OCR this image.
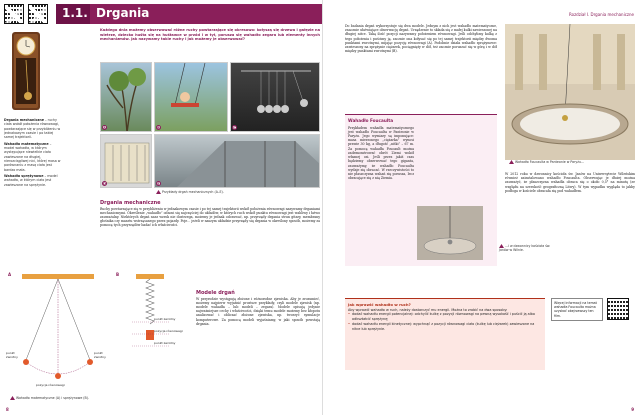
1.1. Drgania
Każdego dnia możemy obserwować różne ruchy powtarzające się okresowo: kołyszą się drzewa i gałęzie na wietrze, dziecko huśta się na huśtawce w przód i w tył, porusza się wahadło zegara lub elementy innych mechanizmów. Jak nazywamy takie ruchy i jak możemy je obserwować?
A	B	C
D	E
Przykłady drgań mechanicznych (A–E).

Drgania mechaniczne – ruchy ciała wokół położenia równowagi, powtarzające się w przybliżeniu w jednakowym czasie i po takiej samej trajektorii.

Wahadło matematyczne – model wahadła, w którym występujące niewielkie ciało zawieszone na długiej, nierozciągliwej nici, której masa w porównaniu z masą ciała jest bardzo mała.

Wahadło sprężynowe – model wahadła, w którym ciało jest zawieszone na sprężynie.

Drgania mechaniczne

Ruchy powtarzające się w przybliżeniu w jednakowym czasie i po tej samej trajektorii wokół położenia równowagi nazywamy drganiami mechanicznymi. Określenie „wahadło” odnosi się najczęściej do układów, w których ruch wokół punktu równowagi jest wahliwy i łatwo zauważalny. Niektórych drgań nasz wzrok nie dostrzega, możemy je jednak odczuwać, np. przyrządy drgania strun gitary, membrany głośnika czy masztu wstrząsanego przez pojazdy. Poje... jeżeli w naszym układzie przyrządy się drgania w określony sposób, możemy za pomocą tych przyrządów badać ich właściwości.

Modele drgań

W przyrodzie występują złożone i różnorodne zjawiska. Aby je zrozumieć, możemy najpierw wyjaśnić prostsze przykłady, czyli modele zjawisk (np. modele wahadła – lub modeli – zegara). Modele opisują jedynie najważniejsze cechy i właściwości, dzięki temu modele możemy bez kłopotu analizować i obliczać złożone zjawiska, np. tworzyć symulacje komputerowe. Za pomocą modeli wyjaśniamy, w jaki sposób powstają drgania.

A	B
punkt zwrotny
punkt zwrotny
pozycja równowagi
punkt zwrotny
pozycja równowagi
punkt zwrotny
Wahadło matematyczne (A) i sprężynowe (B).
8
Rozdział I. Drgania mechaniczne

Do badania drgań wykorzystuje się dwa modele. Jednym z nich jest wahadło matematyczne, znacznie ułatwiające obserwację drgań. Urządzenie to składa się z małej kulki zawieszonej na długiej nitce. Taką ilość pozycji nazywamy położeniem równowagi. Jeśli odchylimy kulkę z tego położenia i puścimy ją, zacznie ona kołysać się po tej samej trajektorii między dwoma punktami zwrotnymi, mijając pozycję równowagi (A). Podobnie działa wahadło sprężynowe: zawieszony na sprężynie ciężarek, pociągnięty w dół, też zacznie poruszać się w górę i w dół między punktami zwrotnymi (B).

Wahadło Foucaulta

Przykładem wahadła matematycznego jest wahadło Foucaulta w Panteonie w Paryżu. Jego wymiary są imponujące: masa mierzonego „ciężarka” wynosi prawie 30 kg, a długość „nitki” – 67 m. Za pomocą wahadła Foucault można zademonstrować obrót Ziemi wokół własnej osi. Jeśli przez jakiś czas będziemy obserwować tego giganta, zauważymy, że wahadło Foucaulta wydaje się obracać. W rzeczywistości to nie płaszczyzna wahań się porusza, lecz obracające się z nią Ziemia.

Wahadło Foucaulta w Panteonie w Paryżu...
...i w dzwonnicy kościoła św. Janów w Wilnie.

W 2012 roku w dzwonnicy kościoła św. Janów na Uniwersytecie Wileńskim również zainstalowano wahadło Foucaulta. Obserwując je dłużej można zauważyć, że płaszczyzna wahadła obraca się o około 0,5° na minutę (ze względu na szerokość geograficzną Litwy). W tym wypadku wygląda to jakby podłoga w kościele obracała się pod wahadłem.

Jak wprawić wahadło w ruch?

Aby wprawić wahadło w ruch, należy dostarczyć mu energii. Można to zrobić na dwa sposoby:

• dodać wahadłu energii potencjalnej: odchylić kulkę z pozycji równowagi na pewną wysokość i puścić ją albo odkształcić sprężynę;
• dodać wahadłu energii kinetycznej: wypchnąć z pozycji równowagi ciało (kulkę lub ciężarek) zawieszone na nitce lub sprężynie.
Więcej informacji na temat wahadła Foucaulta można uzyskać obejrzawszy ten film.
9
